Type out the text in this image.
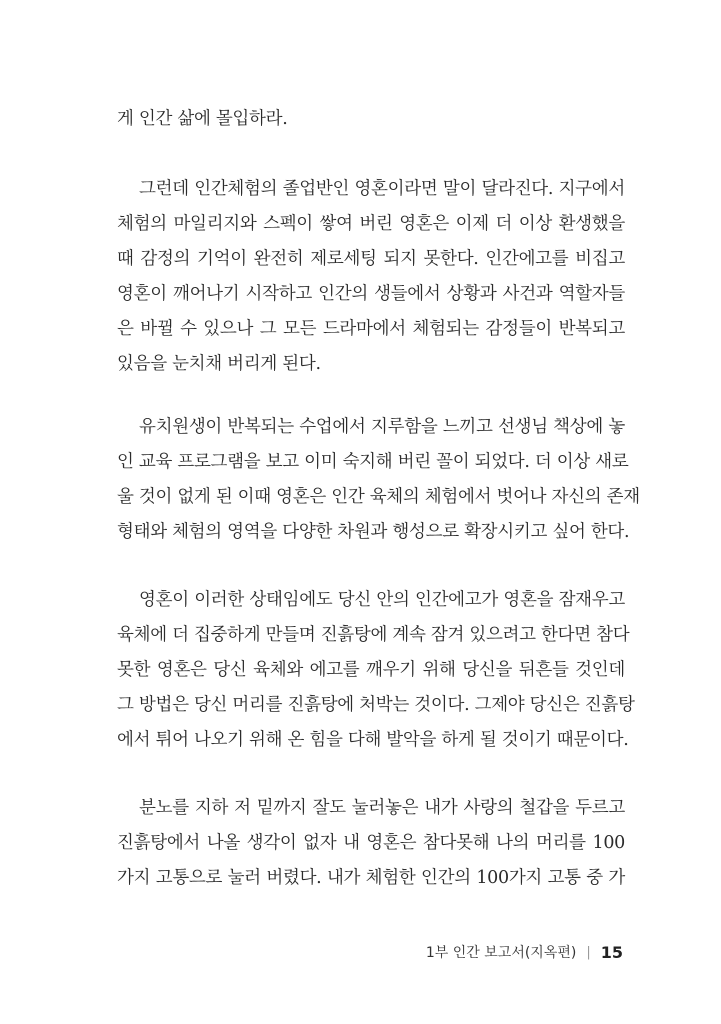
게 인간 삶에 몰입하라.
그런데 인간체험의 졸업반인 영혼이라면 말이 달라진다. 지구에서
체험의 마일리지와 스펙이 쌓여 버린 영혼은 이제 더 이상 환생했을
때 감정의 기억이 완전히 제로세팅 되지 못한다. 인간에고를 비집고
영혼이 깨어나기 시작하고 인간의 생들에서 상황과 사건과 역할자들
은 바뀔 수 있으나 그 모든 드라마에서 체험되는 감정들이 반복되고
있음을 눈치채 버리게 된다.
유치원생이 반복되는 수업에서 지루함을 느끼고 선생님 책상에 놓
인 교육 프로그램을 보고 이미 숙지해 버린 꼴이 되었다. 더 이상 새로
울 것이 없게 된 이때 영혼은 인간 육체의 체험에서 벗어나 자신의 존재
형태와 체험의 영역을 다양한 차원과 행성으로 확장시키고 싶어 한다.
영혼이 이러한 상태임에도 당신 안의 인간에고가 영혼을 잠재우고
육체에 더 집중하게 만들며 진흙탕에 계속 잠겨 있으려고 한다면 참다
못한 영혼은 당신 육체와 에고를 깨우기 위해 당신을 뒤흔들 것인데
그 방법은 당신 머리를 진흙탕에 처박는 것이다. 그제야 당신은 진흙탕
에서 튀어 나오기 위해 온 힘을 다해 발악을 하게 될 것이기 때문이다.
분노를 지하 저 밑까지 잘도 눌러놓은 내가 사랑의 철갑을 두르고
진흙탕에서 나올 생각이 없자 내 영혼은 참다못해 나의 머리를 100
가지 고통으로 눌러 버렸다. 내가 체험한 인간의 100가지 고통 중 가
1부 인간 보고서(지옥편) | 15
